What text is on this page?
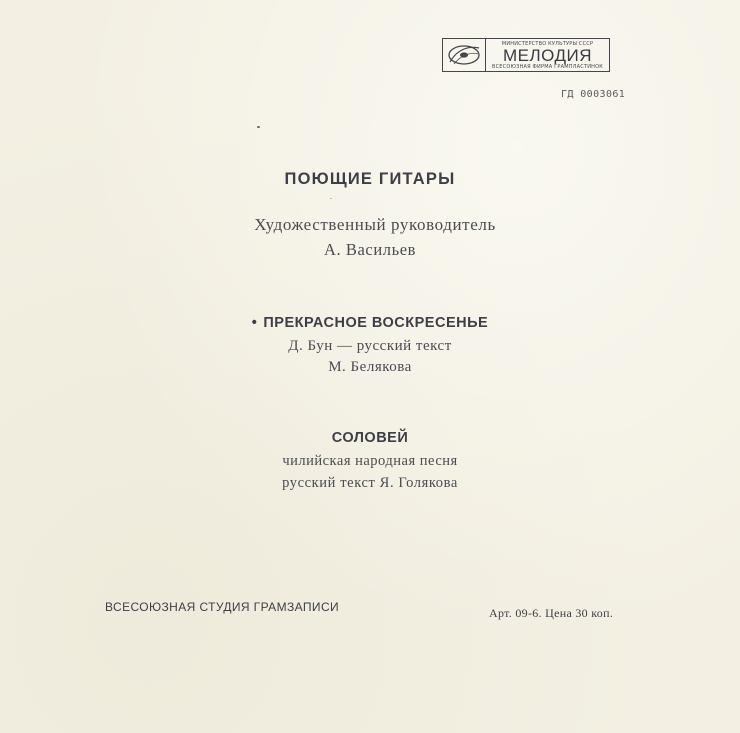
МИНИСТЕРСТВО КУЛЬТУРЫ СССР
МЕЛОДИЯ
ВСЕСОЮЗНАЯ ФИРМА ГРАМПЛАСТИНОК
ГД 0003061
ПОЮЩИЕ ГИТАРЫ
Художественный руководитель
А. Васильев
• ПРЕКРАСНОЕ ВОСКРЕСЕНЬЕ
Д. Бун — русский текст
М. Белякова
СОЛОВЕЙ
чилийская народная песня
русский текст Я. Голякова
ВСЕСОЮЗНАЯ СТУДИЯ ГРАМЗАПИСИ	Арт. 09-6. Цена 30 коп.
